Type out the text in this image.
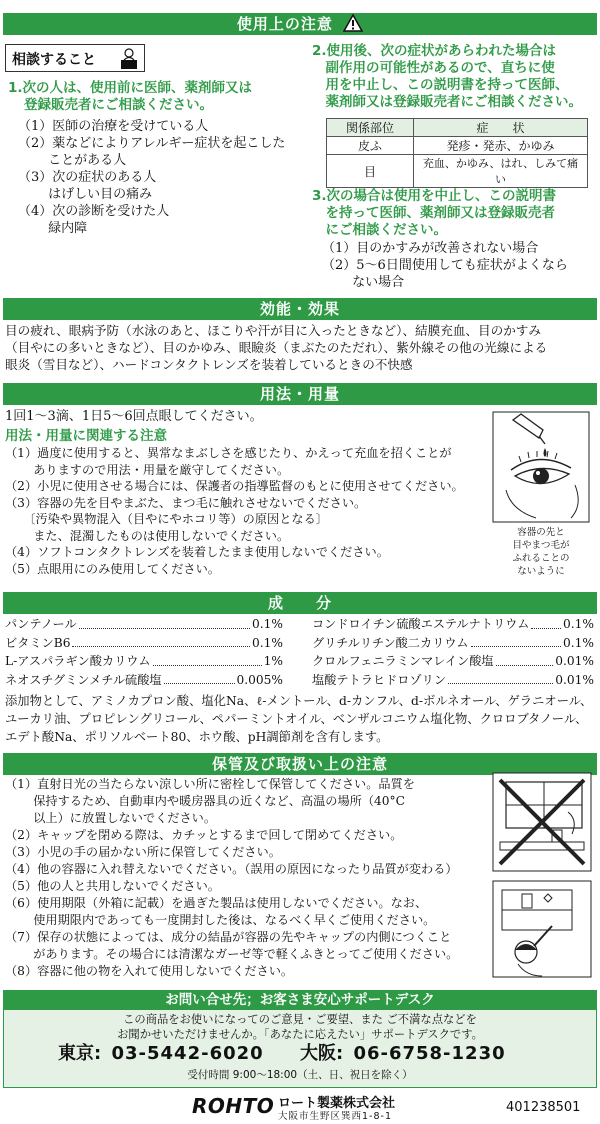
使用上の注意
相談すること
1.次の人は、使用前に医師、薬剤師又は
登録販売者にご相談ください。
（1）医師の治療を受けている人
（2）薬などによりアレルギー症状を起こした
　　 ことがある人
（3）次の症状のある人
　　 はげしい目の痛み
（4）次の診断を受けた人
　　 緑内障
2.使用後、次の症状があらわれた場合は
　副作用の可能性があるので、直ちに使
　用を中止し、この説明書を持って医師、
　薬剤師又は登録販売者にご相談ください。
関係部位	症　　状
皮ふ	発疹・発赤、かゆみ
目	充血、かゆみ、はれ、しみて痛い
3.次の場合は使用を中止し、この説明書
　を持って医師、薬剤師又は登録販売者
　にご相談ください。
（1）目のかすみが改善されない場合
（2）5～6日間使用しても症状がよくなら
　　 ない場合
効能・効果
目の疲れ、眼病予防（水泳のあと、ほこりや汗が目に入ったときなど）、結膜充血、目のかすみ
（目やにの多いときなど）、目のかゆみ、眼瞼炎（まぶたのただれ）、紫外線その他の光線による
眼炎（雪目など）、ハードコンタクトレンズを装着しているときの不快感
用法・用量
1回1～3滴、1日5～6回点眼してください。
用法・用量に関連する注意
（1）過度に使用すると、異常なまぶしさを感じたり、かえって充血を招くことが
　　 ありますので用法・用量を厳守してください。
（2）小児に使用させる場合には、保護者の指導監督のもとに使用させてください。
（3）容器の先を目やまぶた、まつ毛に触れさせないでください。
　　〔汚染や異物混入（目やにやホコリ等）の原因となる〕
　　 また、混濁したものは使用しないでください。
（4）ソフトコンタクトレンズを装着したまま使用しないでください。
（5）点眼用にのみ使用してください。
容器の先と
目やまつ毛が
ふれることの
ないように
成　　分
パンテノール	0.1%
ビタミンB6	0.1%
L-アスパラギン酸カリウム	1%
ネオスチグミンメチル硫酸塩	0.005%
コンドロイチン硫酸エステルナトリウム	0.1%
グリチルリチン酸二カリウム	0.1%
クロルフェニラミンマレイン酸塩	0.01%
塩酸テトラヒドロゾリン	0.01%
添加物として、アミノカプロン酸、塩化Na、ℓ-メントール、d-カンフル、d-ボルネオール、ゲラニオール、
ユーカリ油、プロピレングリコール、ペパーミントオイル、ベンザルコニウム塩化物、クロロブタノール、
エデト酸Na、ポリソルベート80、ホウ酸、pH調節剤を含有します。
保管及び取扱い上の注意
（1）直射日光の当たらない涼しい所に密栓して保管してください。品質を
　　 保持するため、自動車内や暖房器具の近くなど、高温の場所（40°C
　　 以上）に放置しないでください。
（2）キャップを閉める際は、カチッとするまで回して閉めてください。
（3）小児の手の届かない所に保管してください。
（4）他の容器に入れ替えないでください。（誤用の原因になったり品質が変わる）
（5）他の人と共用しないでください。
（6）使用期限（外箱に記載）を過ぎた製品は使用しないでください。なお、
　　 使用期限内であっても一度開封した後は、なるべく早くご使用ください。
（7）保存の状態によっては、成分の結晶が容器の先やキャップの内側につくこと
　　 があります。その場合には清潔なガーゼ等で軽くふきとってご使用ください。
（8）容器に他の物を入れて使用しないでください。
お問い合せ先；お客さま安心サポートデスク
この商品をお使いになってのご意見・ご要望、また ご不満な点などを
お聞かせいただけませんか。「あなたに応えたい」サポートデスクです。
東京: 03-5442-6020 大阪: 06-6758-1230
受付時間 9:00～18:00（土、日、祝日を除く）
ROHTO ロート製薬株式会社
大阪市生野区巽西1-8-1
401238501
